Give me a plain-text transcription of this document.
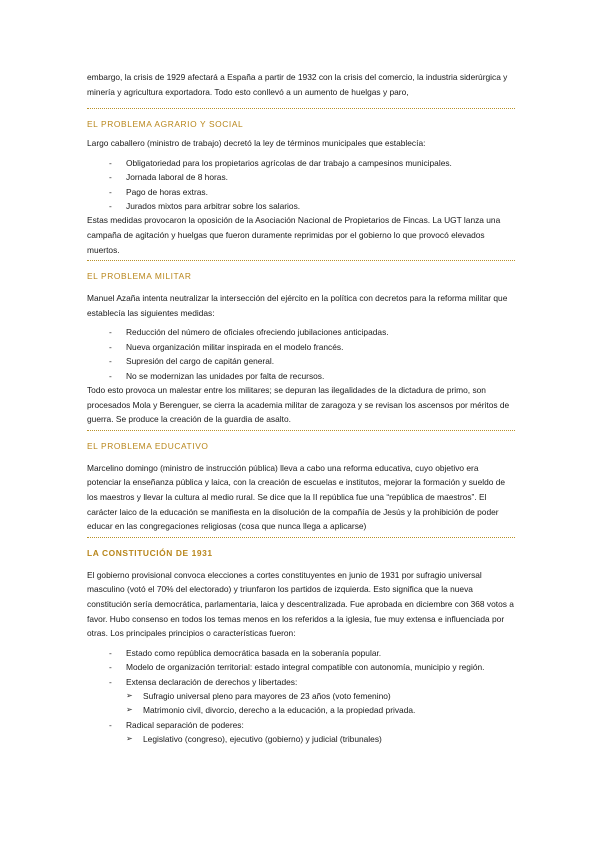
embargo, la crisis de 1929 afectará a España a partir de 1932 con la crisis del comercio, la industria siderúrgica y minería y agricultura exportadora. Todo esto conllevó a un aumento de huelgas y paro,

EL PROBLEMA AGRARIO Y SOCIAL

Largo caballero (ministro de trabajo) decretó la ley de términos municipales que establecía:

- Obligatoriedad para los propietarios agrícolas de dar trabajo a campesinos municipales.
- Jornada laboral de 8 horas.
- Pago de horas extras.
- Jurados mixtos para arbitrar sobre los salarios.

Estas medidas provocaron la oposición de la Asociación Nacional de Propietarios de Fincas. La UGT lanza una campaña de agitación y huelgas que fueron duramente reprimidas por el gobierno lo que provocó elevados muertos.

EL PROBLEMA MILITAR

Manuel Azaña intenta neutralizar la intersección del ejército en la política con decretos para la reforma militar que establecía las siguientes medidas:

- Reducción del número de oficiales ofreciendo jubilaciones anticipadas.
- Nueva organización militar inspirada en el modelo francés.
- Supresión del cargo de capitán general.
- No se modernizan las unidades por falta de recursos.

Todo esto provoca un malestar entre los militares; se depuran las ilegalidades de la dictadura de primo, son procesados Mola y Berenguer, se cierra la academia militar de zaragoza y se revisan los ascensos por méritos de guerra. Se produce la creación de la guardia de asalto.

EL PROBLEMA EDUCATIVO

Marcelino domingo (ministro de instrucción pública) lleva a cabo una reforma educativa, cuyo objetivo era potenciar la enseñanza pública y laica, con la creación de escuelas e institutos, mejorar la formación y sueldo de los maestros y llevar la cultura al medio rural. Se dice que la II república fue una “república de maestros”. El carácter laico de la educación se manifiesta en la disolución de la compañía de Jesús y la prohibición de poder educar en las congregaciones religiosas (cosa que nunca llega a aplicarse)

LA CONSTITUCIÓN DE 1931

El gobierno provisional convoca elecciones a cortes constituyentes en junio de 1931 por sufragio universal masculino (votó el 70% del electorado) y triunfaron los partidos de izquierda. Esto significa que la nueva constitución sería democrática, parlamentaria, laica y descentralizada. Fue aprobada en diciembre con 368 votos a favor. Hubo consenso en todos los temas menos en los referidos a la iglesia, fue muy extensa e influenciada por otras. Los principales principios o características fueron:

- Estado como república democrática basada en la soberanía popular.
- Modelo de organización territorial: estado integral compatible con autonomía, municipio y región.
- Extensa declaración de derechos y libertades:
➢ Sufragio universal pleno para mayores de 23 años (voto femenino)
➢ Matrimonio civil, divorcio, derecho a la educación, a la propiedad privada.
- Radical separación de poderes:
➢ Legislativo (congreso), ejecutivo (gobierno) y judicial (tribunales)
